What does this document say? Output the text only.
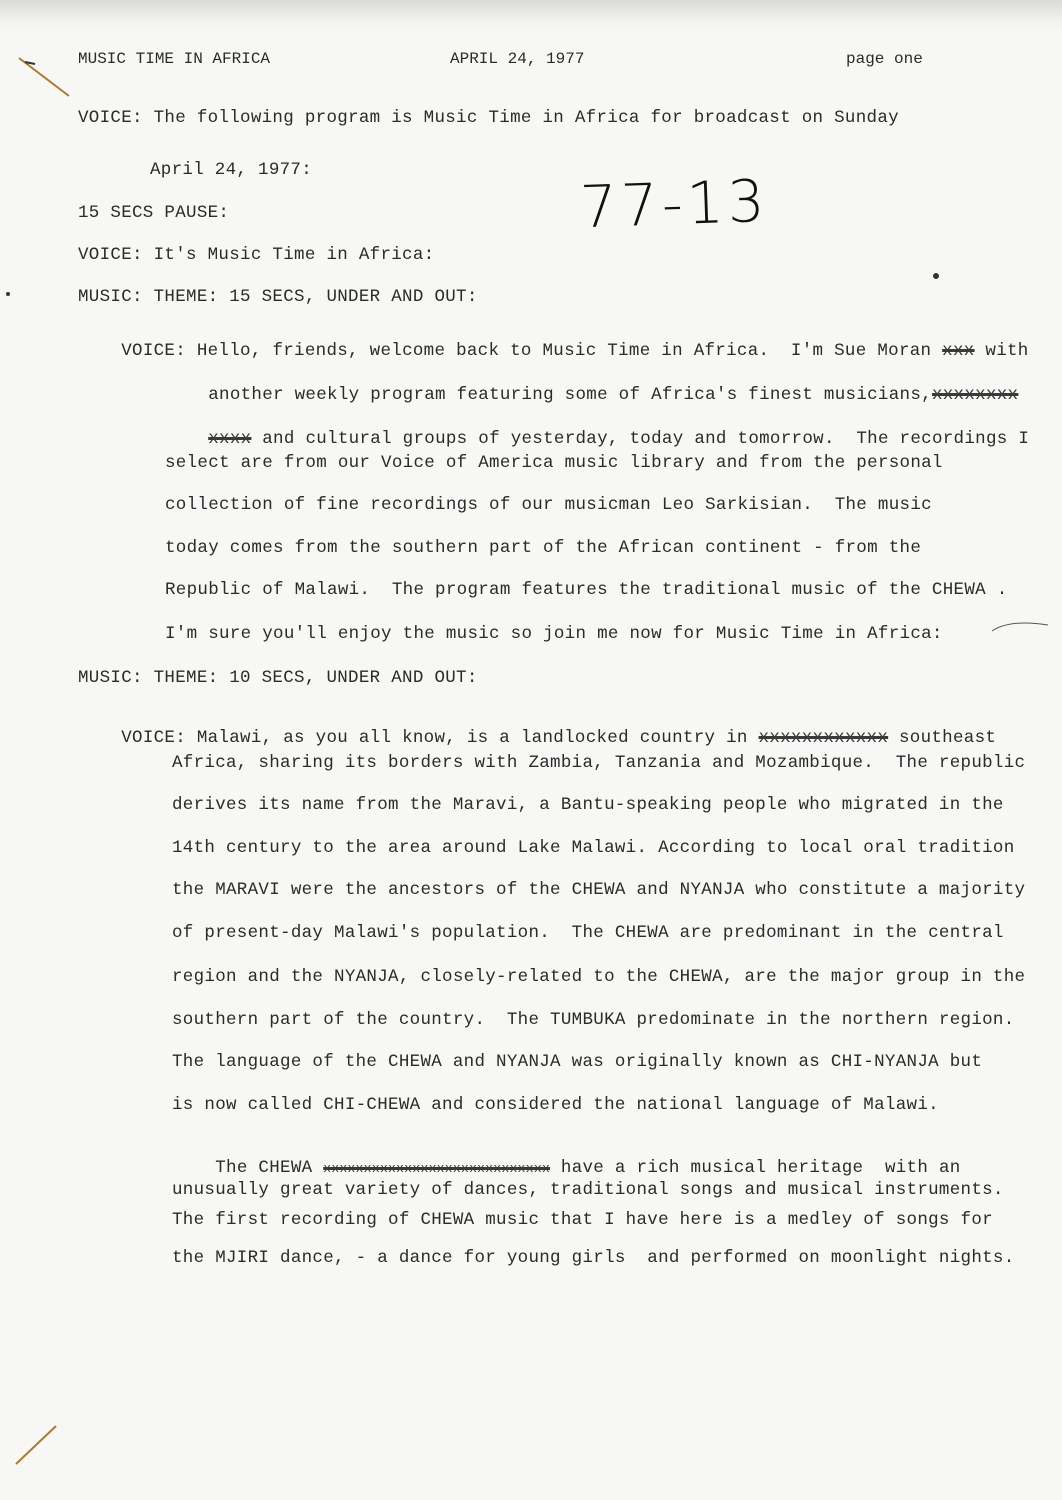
MUSIC TIME IN AFRICA	APRIL 24, 1977	page one
77-13
VOICE: The following program is Music Time in Africa for broadcast on Sunday
April 24, 1977:
15 SECS PAUSE:
VOICE: It's Music Time in Africa:
MUSIC: THEME: 15 SECS, UNDER AND OUT:

VOICE: Hello, friends, welcome back to Music Time in Africa.  I'm Sue Moran xxx with

another weekly program featuring some of Africa's finest musicians,xxxxxxxx

xxxx and cultural groups of yesterday, today and tomorrow.  The recordings I

select are from our Voice of America music library and from the personal
collection of fine recordings of our musicman Leo Sarkisian.  The music
today comes from the southern part of the African continent - from the
Republic of Malawi.  The program features the traditional music of the CHEWA .
I'm sure you'll enjoy the music so join me now for Music Time in Africa:
MUSIC: THEME: 10 SECS, UNDER AND OUT:

VOICE: Malawi, as you all know, is a landlocked country in xxxxxxxxxxxx southeast

Africa, sharing its borders with Zambia, Tanzania and Mozambique.  The republic
derives its name from the Maravi, a Bantu-speaking people who migrated in the
14th century to the area around Lake Malawi. According to local oral tradition
the MARAVI were the ancestors of the CHEWA and NYANJA who constitute a majority
of present-day Malawi's population.  The CHEWA are predominant in the central
region and the NYANJA, closely-related to the CHEWA, are the major group in the
southern part of the country.  The TUMBUKA predominate in the northern region.
The language of the CHEWA and NYANJA was originally known as CHI-NYANJA but
is now called CHI-CHEWA and considered the national language of Malawi.

The CHEWA xxxxxxxxxxxxxxxxxxxxxxxxxxxx have a rich musical heritage  with an

unusually great variety of dances, traditional songs and musical instruments.
The first recording of CHEWA music that I have here is a medley of songs for
the MJIRI dance, - a dance for young girls  and performed on moonlight nights.
